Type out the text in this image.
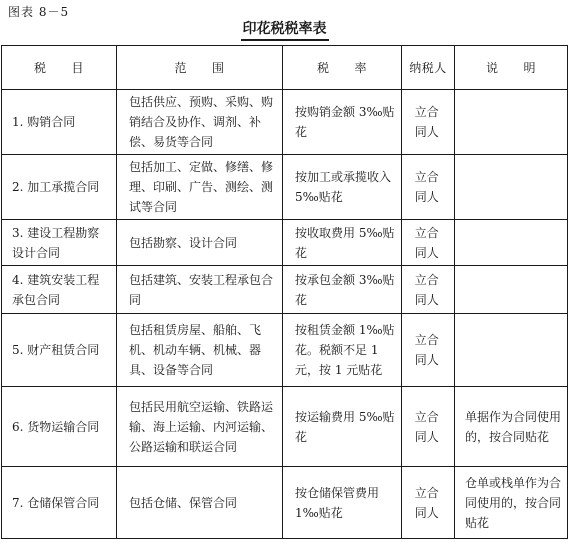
图表 8－5
印花税税率表
税　　目	范　　围	税　　率	纳税人	说　　明
1. 购销合同	包括供应、预购、采购、购销结合及协作、调剂、补偿、易货等合同	按购销金额 3‰贴花	立合同人	
2. 加工承揽合同	包括加工、定做、修缮、修理、印刷、广告、测绘、测试等合同	按加工或承揽收入 5‰贴花	立合同人	
3. 建设工程勘察设计合同	包括勘察、设计合同	按收取费用 5‰贴花	立合同人	
4. 建筑安装工程承包合同	包括建筑、安装工程承包合同	按承包金额 3‰贴花	立合同人	
5. 财产租赁合同	包括租赁房屋、船舶、飞机、机动车辆、机械、器具、设备等合同	按租赁金额 1‰贴花。税额不足 1 元，按 1 元贴花	立合同人	
6. 货物运输合同	包括民用航空运输、铁路运输、海上运输、内河运输、公路运输和联运合同	按运输费用 5‰贴花	立合同人	单据作为合同使用的，按合同贴花
7. 仓储保管合同	包括仓储、保管合同	按仓储保管费用 1‰贴花	立合同人	仓单或栈单作为合同使用的，按合同贴花
